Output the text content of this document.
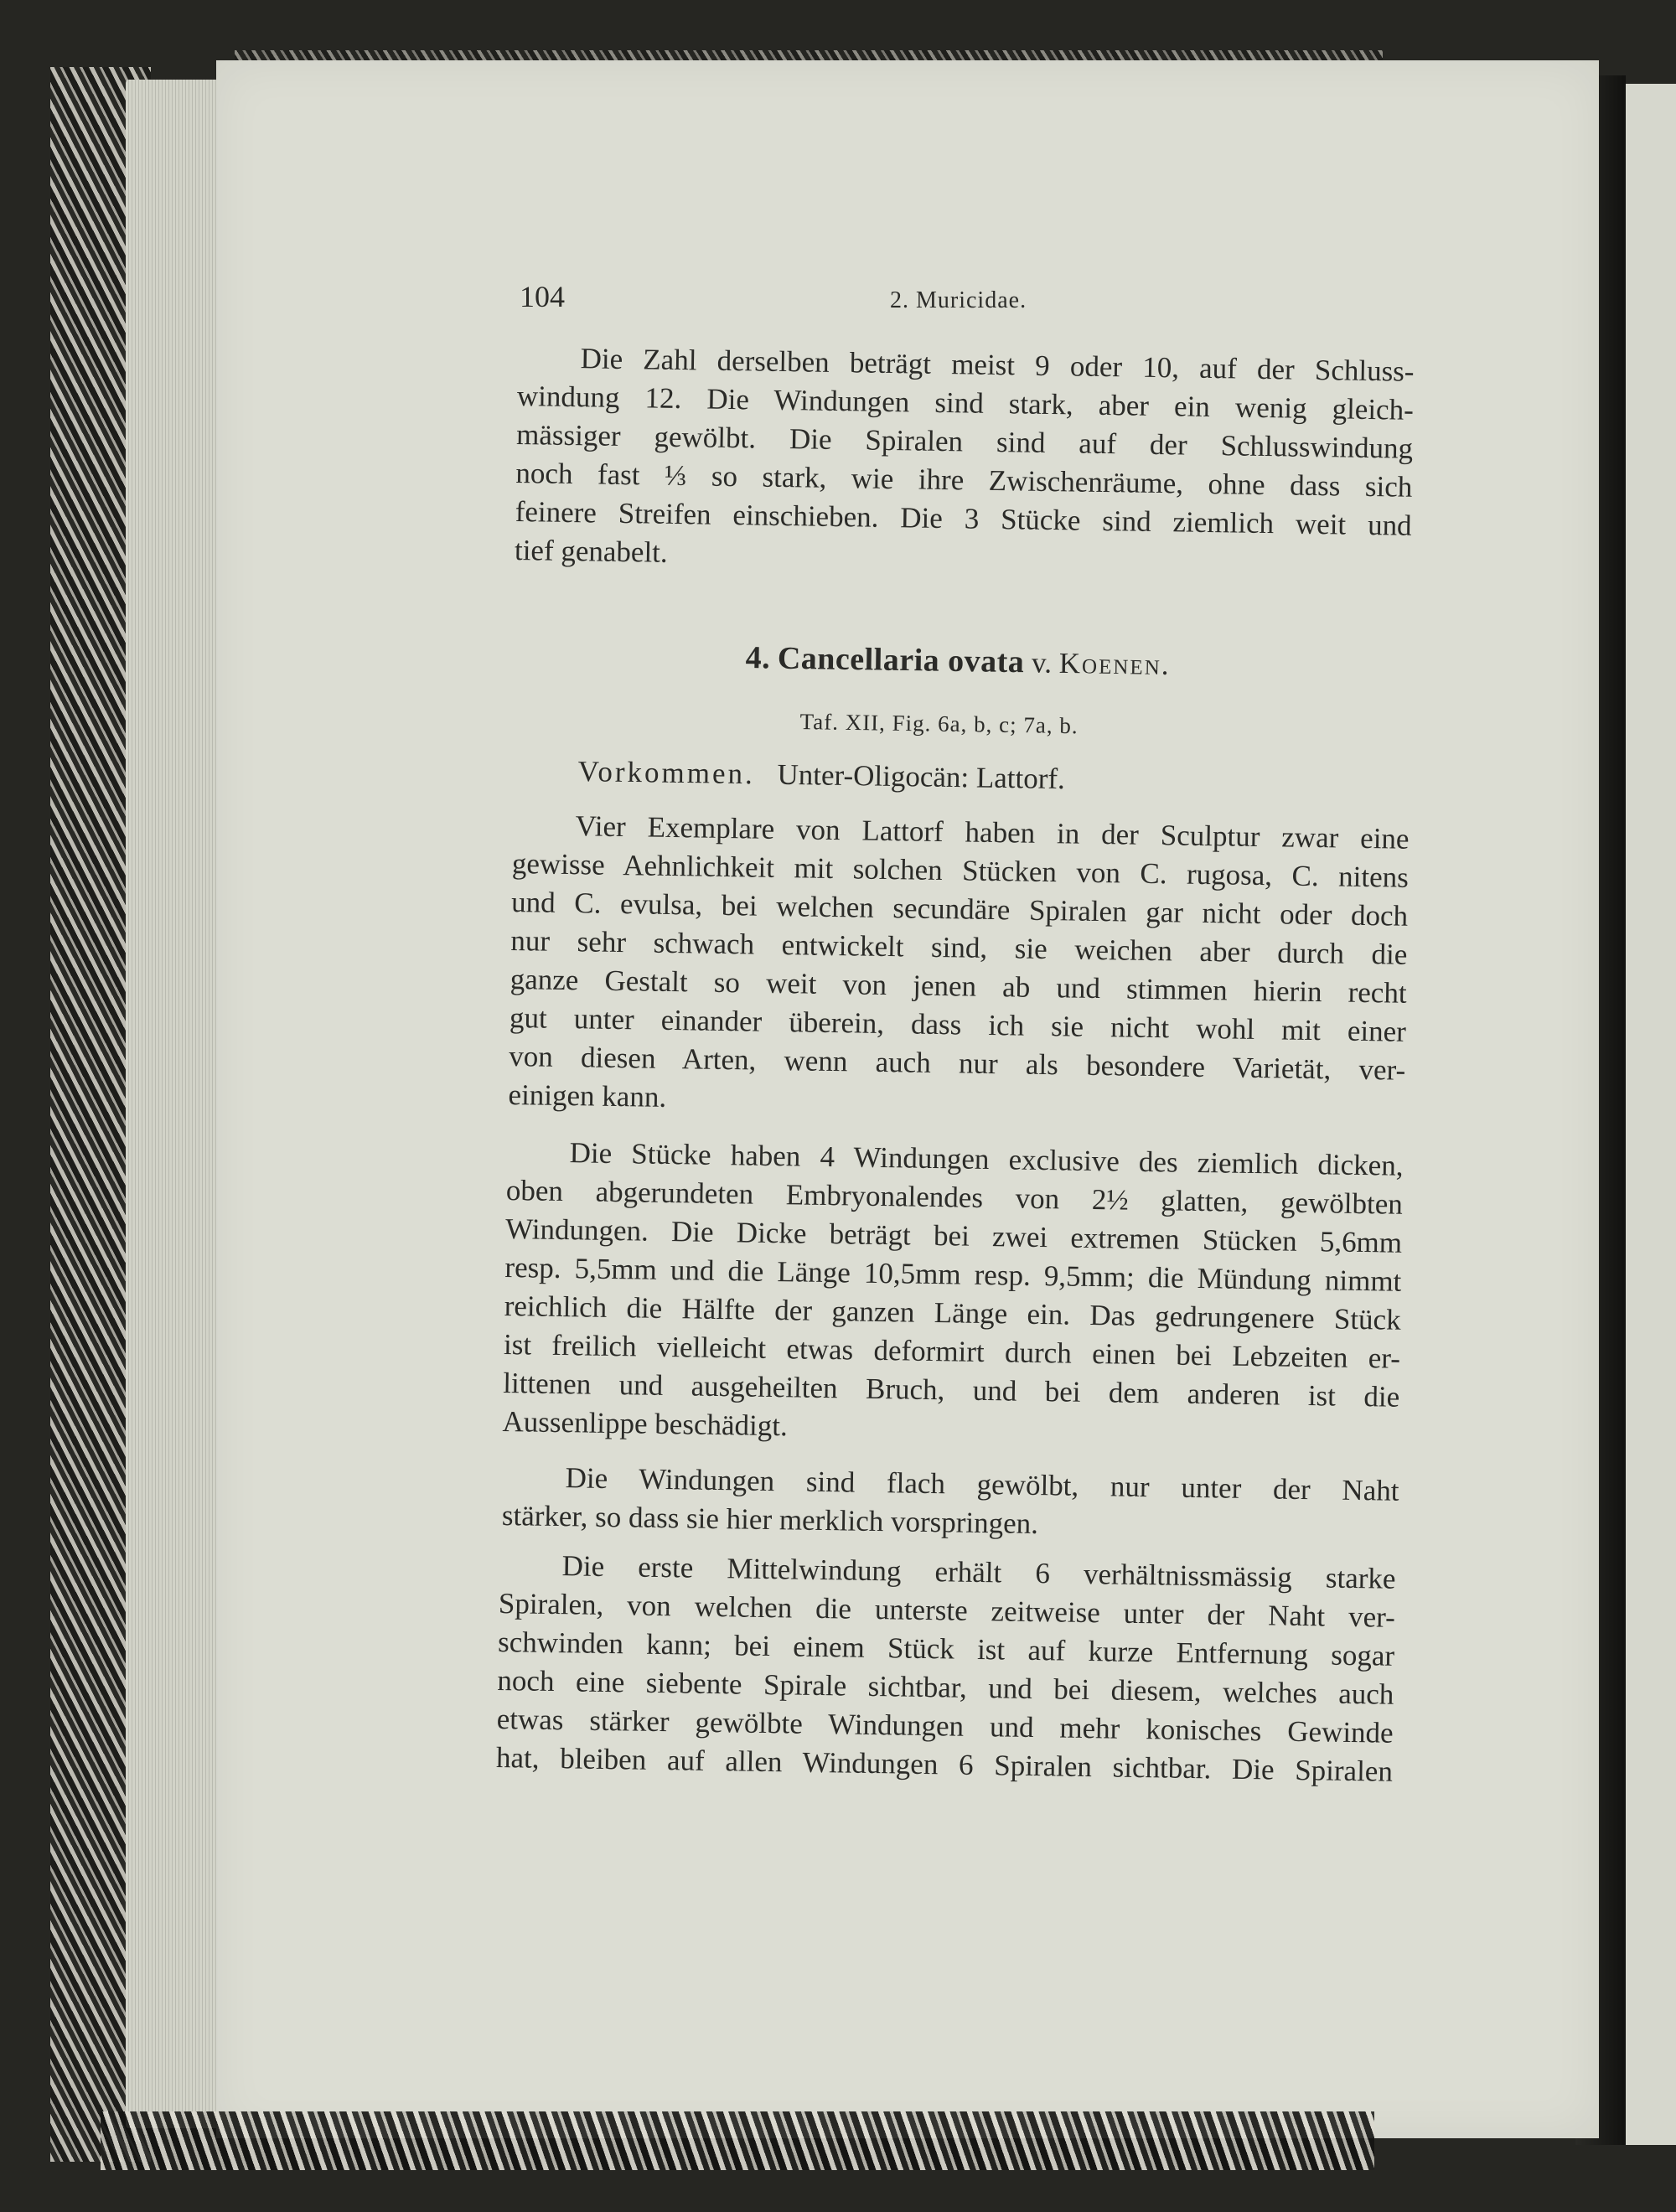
104	2. Muricidae.

Die Zahl derselben beträgt meist 9 oder 10, auf der Schluss-

windung 12. Die Windungen sind stark, aber ein wenig gleich-

mässiger gewölbt. Die Spiralen sind auf der Schlusswindung

noch fast ⅓ so stark, wie ihre Zwischenräume, ohne dass sich

feinere Streifen einschieben. Die 3 Stücke sind ziemlich weit und

tief genabelt.

4. Cancellaria ovata v. Koenen.
Taf. XII, Fig. 6a, b, c; 7a, b.
Vorkommen. Unter-Oligocän: Lattorf.

Vier Exemplare von Lattorf haben in der Sculptur zwar eine

gewisse Aehnlichkeit mit solchen Stücken von C. rugosa, C. nitens

und C. evulsa, bei welchen secundäre Spiralen gar nicht oder doch

nur sehr schwach entwickelt sind, sie weichen aber durch die

ganze Gestalt so weit von jenen ab und stimmen hierin recht

gut unter einander überein, dass ich sie nicht wohl mit einer

von diesen Arten, wenn auch nur als besondere Varietät, ver-

einigen kann.

Die Stücke haben 4 Windungen exclusive des ziemlich dicken,

oben abgerundeten Embryonalendes von 2½ glatten, gewölbten

Windungen. Die Dicke beträgt bei zwei extremen Stücken 5,6mm

resp. 5,5mm und die Länge 10,5mm resp. 9,5mm; die Mündung nimmt

reichlich die Hälfte der ganzen Länge ein. Das gedrungenere Stück

ist freilich vielleicht etwas deformirt durch einen bei Lebzeiten er-

littenen und ausgeheilten Bruch, und bei dem anderen ist die

Aussenlippe beschädigt.

Die Windungen sind flach gewölbt, nur unter der Naht

stärker, so dass sie hier merklich vorspringen.

Die erste Mittelwindung erhält 6 verhältnissmässig starke

Spiralen, von welchen die unterste zeitweise unter der Naht ver-

schwinden kann; bei einem Stück ist auf kurze Entfernung sogar

noch eine siebente Spirale sichtbar, und bei diesem, welches auch

etwas stärker gewölbte Windungen und mehr konisches Gewinde

hat, bleiben auf allen Windungen 6 Spiralen sichtbar. Die Spiralen
